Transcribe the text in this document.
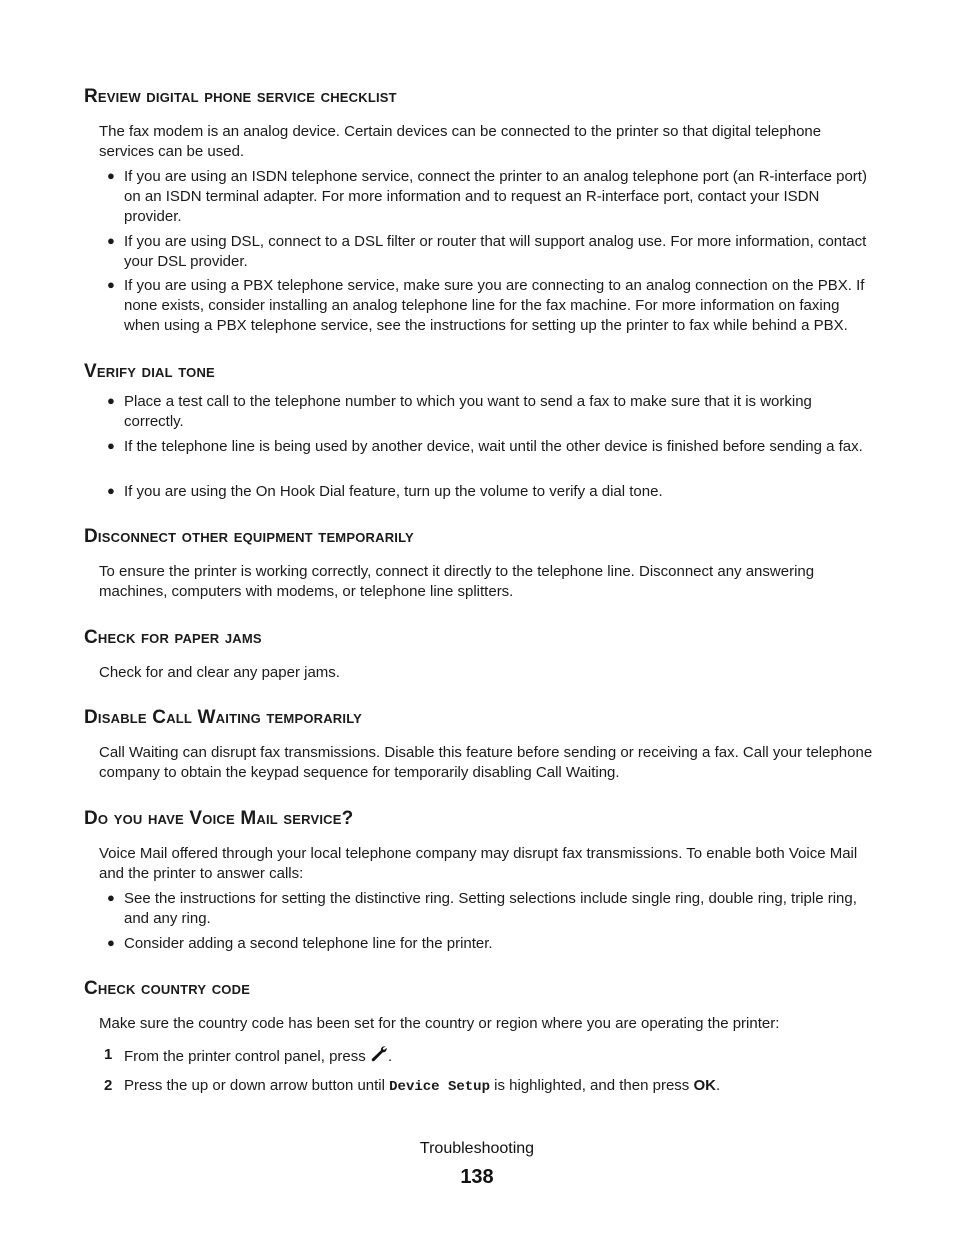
Review digital phone service checklist

The fax modem is an analog device. Certain devices can be connected to the printer so that digital telephone services can be used.

● If you are using an ISDN telephone service, connect the printer to an analog telephone port (an R-interface port) on an ISDN terminal adapter. For more information and to request an R-interface port, contact your ISDN provider.

● If you are using DSL, connect to a DSL filter or router that will support analog use. For more information, contact your DSL provider.

● If you are using a PBX telephone service, make sure you are connecting to an analog connection on the PBX. If none exists, consider installing an analog telephone line for the fax machine. For more information on faxing when using a PBX telephone service, see the instructions for setting up the printer to fax while behind a PBX.

Verify dial tone
● Place a test call to the telephone number to which you want to send a fax to make sure that it is working correctly.

● If the telephone line is being used by another device, wait until the other device is finished before sending a fax.

● If you are using the On Hook Dial feature, turn up the volume to verify a dial tone.

Disconnect other equipment temporarily

To ensure the printer is working correctly, connect it directly to the telephone line. Disconnect any answering machines, computers with modems, or telephone line splitters.

Check for paper jams

Check for and clear any paper jams.

Disable Call Waiting temporarily

Call Waiting can disrupt fax transmissions. Disable this feature before sending or receiving a fax. Call your telephone company to obtain the keypad sequence for temporarily disabling Call Waiting.

Do you have Voice Mail service?

Voice Mail offered through your local telephone company may disrupt fax transmissions. To enable both Voice Mail and the printer to answer calls:

● See the instructions for setting the distinctive ring. Setting selections include single ring, double ring, triple ring, and any ring.

● Consider adding a second telephone line for the printer.

Check country code

Make sure the country code has been set for the country or region where you are operating the printer:

1 From the printer control panel, press .

2 Press the up or down arrow button until Device Setup is highlighted, and then press OK.

Troubleshooting

138
